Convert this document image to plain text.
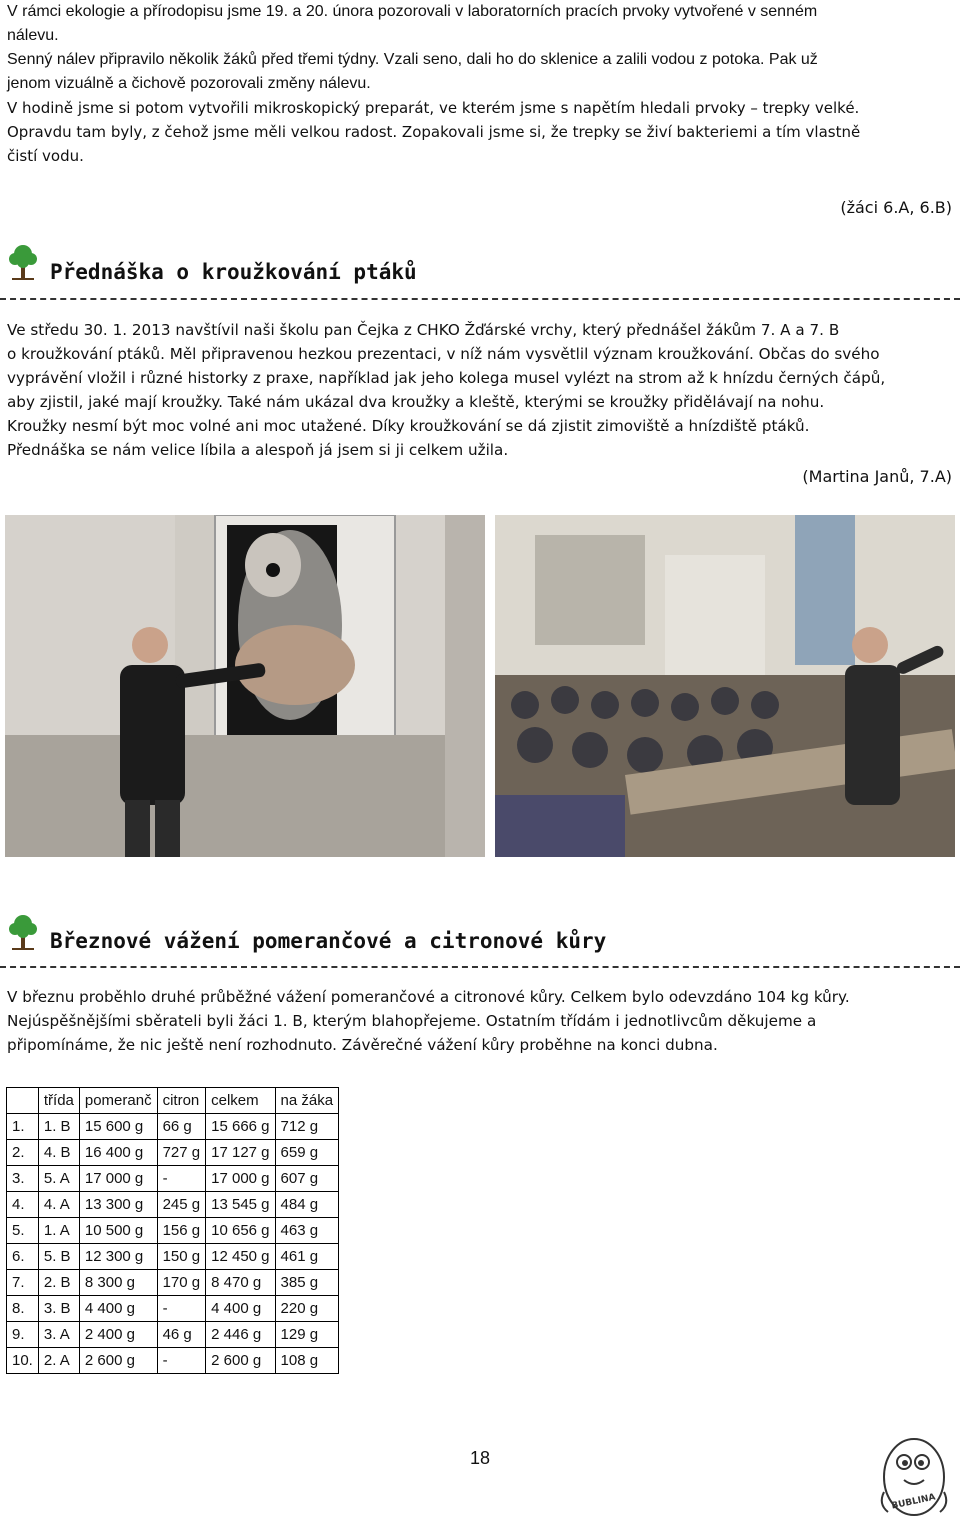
V rámci ekologie a přírodopisu jsme 19. a 20. února pozorovali v laboratorních pracích prvoky vytvořené v senném
nálevu.
Senný nálev připravilo několik žáků před třemi týdny. Vzali seno, dali ho do sklenice a zalili vodou z potoka. Pak už
jenom vizuálně a čichově pozorovali změny nálevu.
V hodině jsme si potom vytvořili mikroskopický preparát, ve kterém jsme s napětím hledali prvoky – trepky velké.
Opravdu tam byly, z čehož jsme měli velkou radost. Zopakovali jsme si, že trepky se živí bakteriemi a tím vlastně
čistí vodu.
(žáci 6.A, 6.B)
Přednáška o kroužkování ptáků
Ve středu 30. 1. 2013 navštívil naši školu pan Čejka z CHKO Žďárské vrchy, který přednášel žákům 7. A a 7. B
o kroužkování ptáků. Měl připravenou hezkou prezentaci, v níž nám vysvětlil význam kroužkování. Občas do svého
vyprávění vložil i různé historky z praxe, například jak jeho kolega musel vylézt na strom až k hnízdu černých čápů,
aby zjistil, jaké mají kroužky. Také nám ukázal dva kroužky a kleště, kterými se kroužky přidělávají na nohu.
Kroužky nesmí být moc volné ani moc utažené. Díky kroužkování se dá zjistit zimoviště a hnízdiště ptáků.
Přednáška se nám velice líbila a alespoň já jsem si ji celkem užila.
(Martina Janů, 7.A)
Březnové vážení pomerančové a citronové kůry
V březnu proběhlo druhé průběžné vážení pomerančové a citronové kůry. Celkem bylo odevzdáno 104 kg kůry.
Nejúspěšnějšími sběrateli byli žáci 1. B, kterým blahopřejeme. Ostatním třídám i jednotlivcům děkujeme a
připomínáme, že nic ještě není rozhodnuto. Závěrečné vážení kůry proběhne na konci dubna.
	třída	pomeranč	citron	celkem	na žáka
1.	1. B	15 600 g	66 g	15 666 g	712 g
2.	4. B	16 400 g	727 g	17 127 g	659 g
3.	5. A	17 000 g	-	17 000 g	607 g
4.	4. A	13 300 g	245 g	13 545 g	484 g
5.	1. A	10 500 g	156 g	10 656 g	463 g
6.	5. B	12 300 g	150 g	12 450 g	461 g
7.	2. B	8 300 g	170 g	8 470 g	385 g
8.	3. B	4 400 g	-	4 400 g	220 g
9.	3. A	2 400 g	46 g	2 446 g	129 g
10.	2. A	2 600 g	-	2 600 g	108 g
18
BUBLINA
